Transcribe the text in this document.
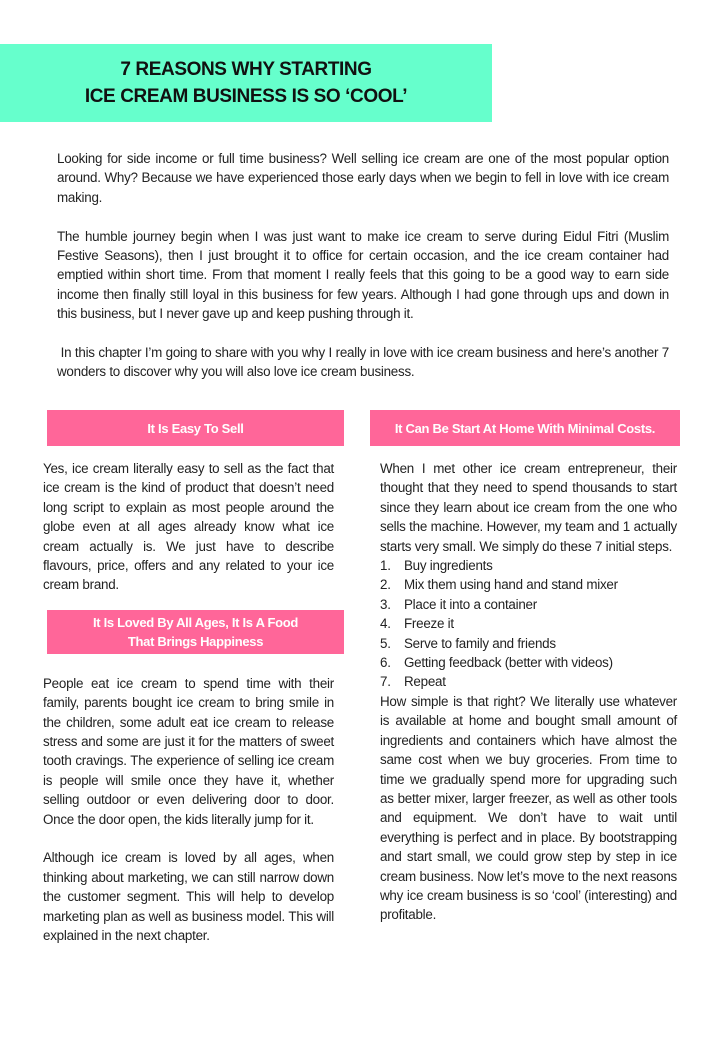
7 REASONS WHY STARTING
ICE CREAM BUSINESS IS SO ‘COOL’

Looking for side income or full time business? Well selling ice cream are one of the most popular option around. Why? Because we have experienced those early days when we begin to fell in love with ice cream making.

The humble journey begin when I was just want to make ice cream to serve during Eidul Fitri (Muslim Festive Seasons), then I just brought it to office for certain occasion, and the ice cream container had emptied within short time. From that moment I really feels that this going to be a good way to earn side income then finally still loyal in this business for few years. Although I had gone through ups and down in this business, but I never gave up and keep pushing through it.

In this chapter I’m going to share with you why I really in love with ice cream business and here’s another 7 wonders to discover why you will also love ice cream business.

It Is Easy To Sell

Yes, ice cream literally easy to sell as the fact that ice cream is the kind of product that doesn’t need long script to explain as most people around the globe even at all ages already know what ice cream actually is. We just have to describe flavours, price, offers and any related to your ice cream brand.

It Is Loved By All Ages, It Is A Food
That Brings Happiness

People eat ice cream to spend time with their family, parents bought ice cream to bring smile in the children, some adult eat ice cream to release stress and some are just it for the matters of sweet tooth cravings. The experience of selling ice cream is people will smile once they have it, whether selling outdoor or even delivering door to door. Once the door open, the kids literally jump for it.

Although ice cream is loved by all ages, when thinking about marketing, we can still narrow down the customer segment. This will help to develop marketing plan as well as business model. This will explained in the next chapter.

It Can Be Start At Home With Minimal Costs.

When I met other ice cream entrepreneur, their thought that they need to spend thousands to start since they learn about ice cream from the one who sells the machine. However, my team and 1 actually starts very small. We simply do these 7 initial steps.

1. Buy ingredients
2. Mix them using hand and stand mixer
3. Place it into a container
4. Freeze it
5. Serve to family and friends
6. Getting feedback (better with videos)
7. Repeat

How simple is that right? We literally use whatever is available at home and bought small amount of ingredients and containers which have almost the same cost when we buy groceries. From time to time we gradually spend more for upgrading such as better mixer, larger freezer, as well as other tools and equipment. We don’t have to wait until everything is perfect and in place. By bootstrapping and start small, we could grow step by step in ice cream business. Now let’s move to the next reasons why ice cream business is so ‘cool’ (interesting) and profitable.
